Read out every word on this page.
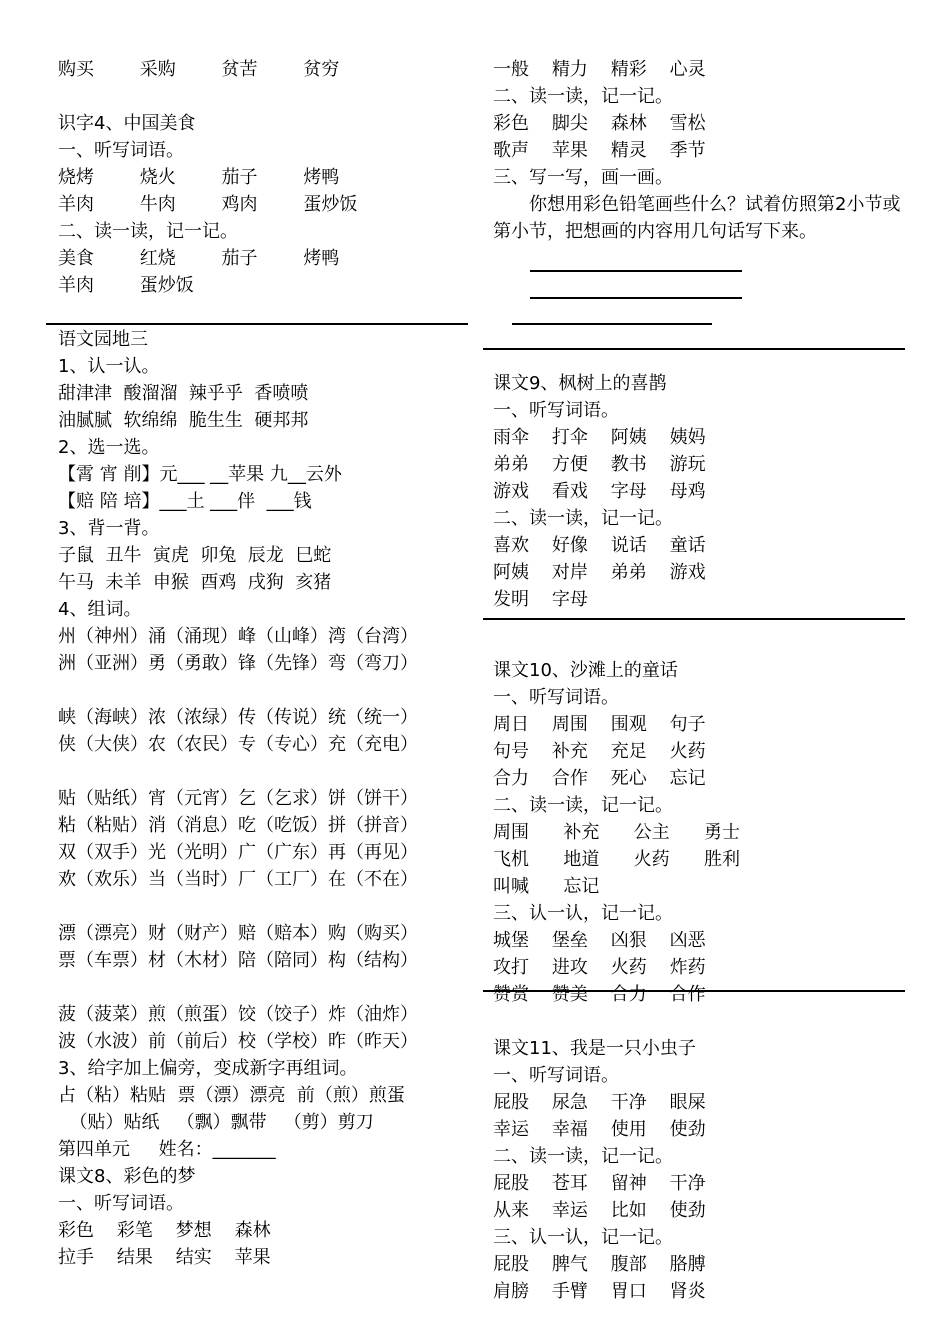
购买        采购        贫苦        贫穷
识字4、中国美食
一、听写词语。
烧烤        烧火        茄子        烤鸭
羊肉        牛肉        鸡肉        蛋炒饭
二、读一读，记一记。
美食        红烧        茄子        烤鸭
羊肉        蛋炒饭
语文园地三
1、认一认。
甜津津  酸溜溜  辣乎乎  香喷喷
油腻腻  软绵绵  脆生生  硬邦邦
2、选一选。
【霄 宵 削】元___ __苹果 九__云外
【赔 陪 培】___土 ___伴  ___钱
3、背一背。
子鼠  丑牛  寅虎  卯兔  辰龙  巳蛇
午马  未羊  申猴  酉鸡  戌狗  亥猪
4、组词。
州（神州）涌（涌现）峰（山峰）湾（台湾）
洲（亚洲）勇（勇敢）锋（先锋）弯（弯刀）
峡（海峡）浓（浓绿）传（传说）统（统一）
侠（大侠）农（农民）专（专心）充（充电）
贴（贴纸）宵（元宵）乞（乞求）饼（饼干）
粘（粘贴）消（消息）吃（吃饭）拼（拼音）
双（双手）光（光明）广（广东）再（再见）
欢（欢乐）当（当时）厂（工厂）在（不在）
漂（漂亮）财（财产）赔（赔本）购（购买）
票（车票）材（木材）陪（陪同）构（结构）
菠（菠菜）煎（煎蛋）饺（饺子）炸（油炸）
波（水波）前（前后）校（学校）昨（昨天）
3、给字加上偏旁，变成新字再组词。
占（粘）粘贴  票（漂）漂亮  前（煎）煎蛋
（贴）贴纸   （飘）飘带   （剪）剪刀
第四单元     姓名：_______
课文8、彩色的梦
一、听写词语。
彩色    彩笔    梦想    森林
拉手    结果    结实    苹果
一般    精力    精彩    心灵
二、读一读，记一记。
彩色    脚尖    森林    雪松
歌声    苹果    精灵    季节
三、写一写，画一画。
你想用彩色铅笔画些什么？试着仿照第2小节或第小节，把想画的内容用几句话写下来。
课文9、枫树上的喜鹊
一、听写词语。
雨伞    打伞    阿姨    姨妈
弟弟    方便    教书    游玩
游戏    看戏    字母    母鸡
二、读一读，记一记。
喜欢    好像    说话    童话
阿姨    对岸    弟弟    游戏
发明    字母
课文10、沙滩上的童话
一、听写词语。
周日    周围    围观    句子
句号    补充    充足    火药
合力    合作    死心    忘记
二、读一读，记一记。
周围      补充      公主      勇士
飞机      地道      火药      胜利
叫喊      忘记
三、认一认，记一记。
城堡    堡垒    凶狠    凶恶
攻打    进攻    火药    炸药
赞赏    赞美    合力    合作
课文11、我是一只小虫子
一、听写词语。
屁股    尿急    干净    眼屎
幸运    幸福    使用    使劲
二、读一读，记一记。
屁股    苍耳    留神    干净
从来    幸运    比如    使劲
三、认一认，记一记。
屁股    脾气    腹部    胳膊
肩膀    手臂    胃口    肾炎
